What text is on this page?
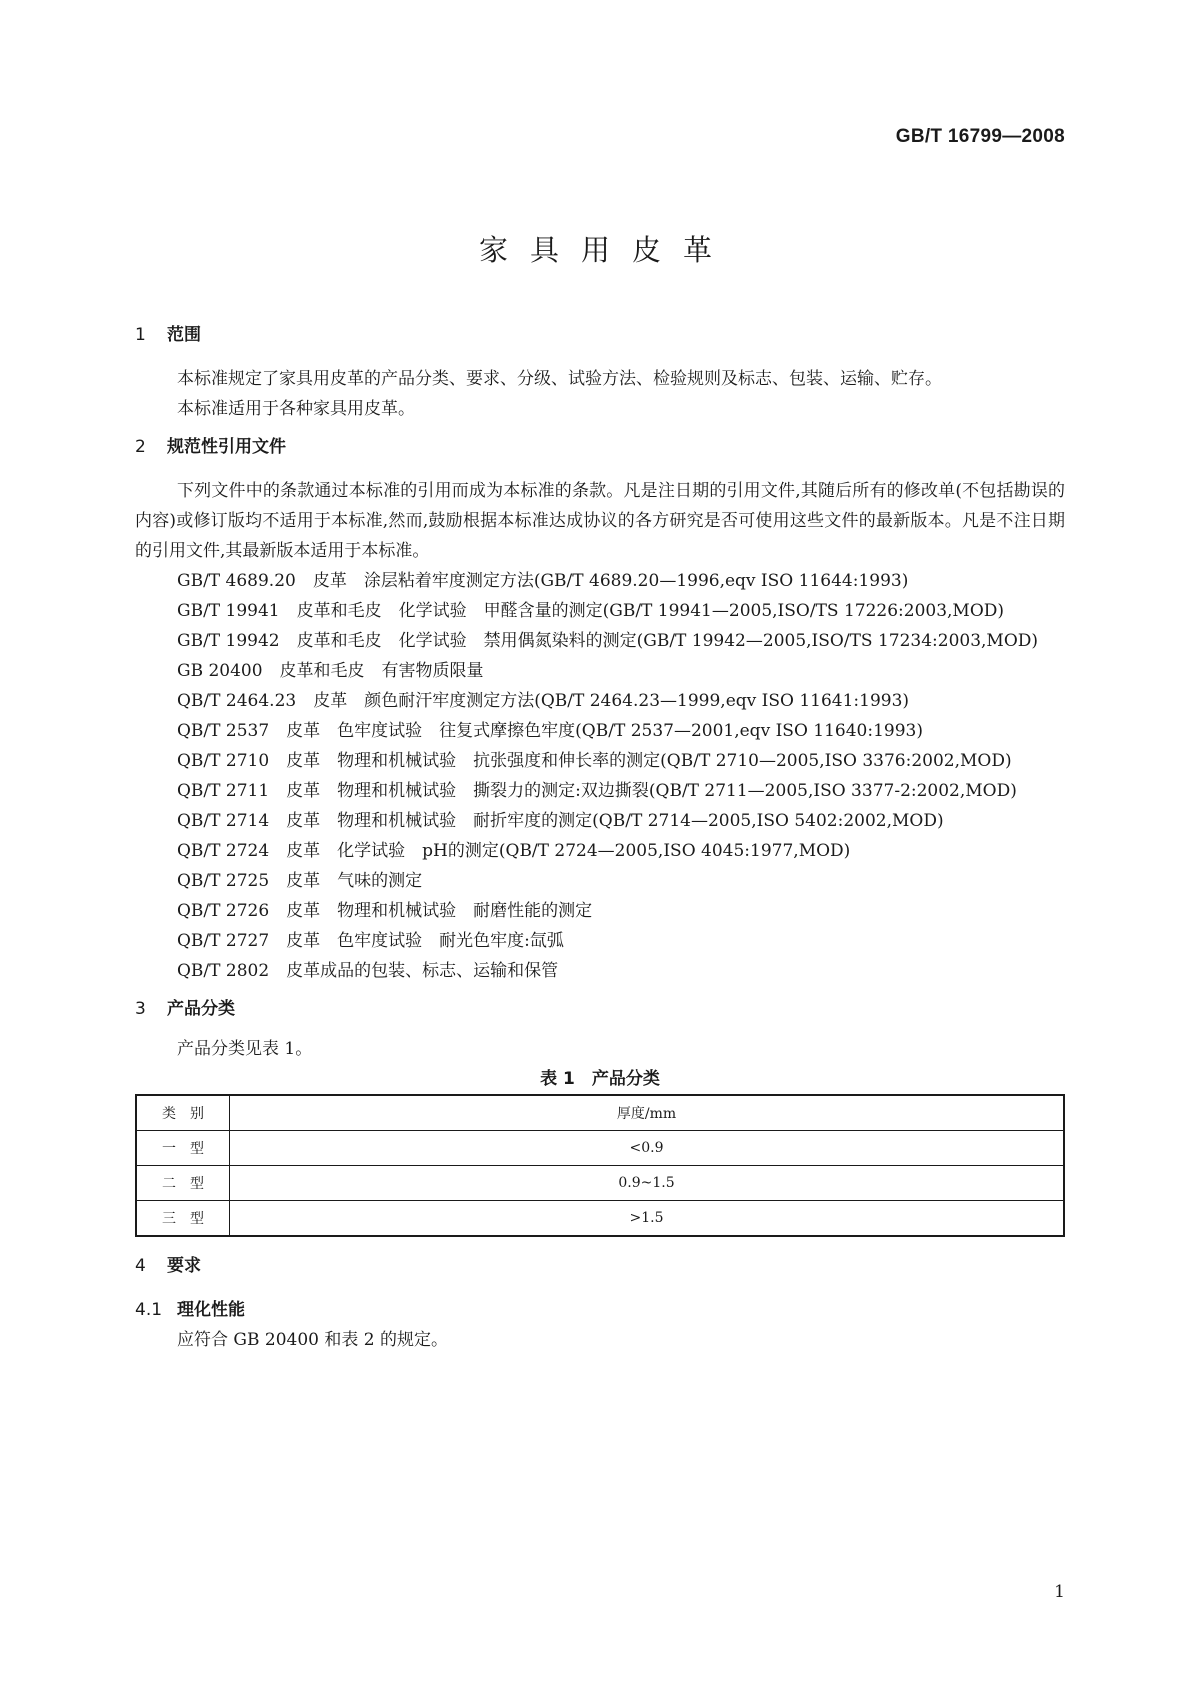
GB/T 16799—2008
家具用皮革

1 范围

本标准规定了家具用皮革的产品分类、要求、分级、试验方法、检验规则及标志、包装、运输、贮存。

本标准适用于各种家具用皮革。

2 规范性引用文件

下列文件中的条款通过本标准的引用而成为本标准的条款。凡是注日期的引用文件,其随后所有的修改单(不包括勘误的内容)或修订版均不适用于本标准,然而,鼓励根据本标准达成协议的各方研究是否可使用这些文件的最新版本。凡是不注日期的引用文件,其最新版本适用于本标准。

GB/T 4689.20　皮革　涂层粘着牢度测定方法(GB/T 4689.20—1996,eqv ISO 11644:1993)

GB/T 19941　皮革和毛皮　化学试验　甲醛含量的测定(GB/T 19941—2005,ISO/TS 17226:2003,MOD)

GB/T 19942　皮革和毛皮　化学试验　禁用偶氮染料的测定(GB/T 19942—2005,ISO/TS 17234:2003,MOD)

GB 20400　皮革和毛皮　有害物质限量

QB/T 2464.23　皮革　颜色耐汗牢度测定方法(QB/T 2464.23—1999,eqv ISO 11641:1993)

QB/T 2537　皮革　色牢度试验　往复式摩擦色牢度(QB/T 2537—2001,eqv ISO 11640:1993)

QB/T 2710　皮革　物理和机械试验　抗张强度和伸长率的测定(QB/T 2710—2005,ISO 3376:2002,MOD)

QB/T 2711　皮革　物理和机械试验　撕裂力的测定:双边撕裂(QB/T 2711—2005,ISO 3377-2:2002,MOD)

QB/T 2714　皮革　物理和机械试验　耐折牢度的测定(QB/T 2714—2005,ISO 5402:2002,MOD)

QB/T 2724　皮革　化学试验　pH的测定(QB/T 2724—2005,ISO 4045:1977,MOD)

QB/T 2725　皮革　气味的测定

QB/T 2726　皮革　物理和机械试验　耐磨性能的测定

QB/T 2727　皮革　色牢度试验　耐光色牢度:氙弧

QB/T 2802　皮革成品的包装、标志、运输和保管

3 产品分类

产品分类见表 1。

表 1　产品分类

类别	厚度/mm
一型	<0.9
二型	0.9~1.5
三型	>1.5

4 要求

4.1 理化性能

应符合 GB 20400 和表 2 的规定。

1
